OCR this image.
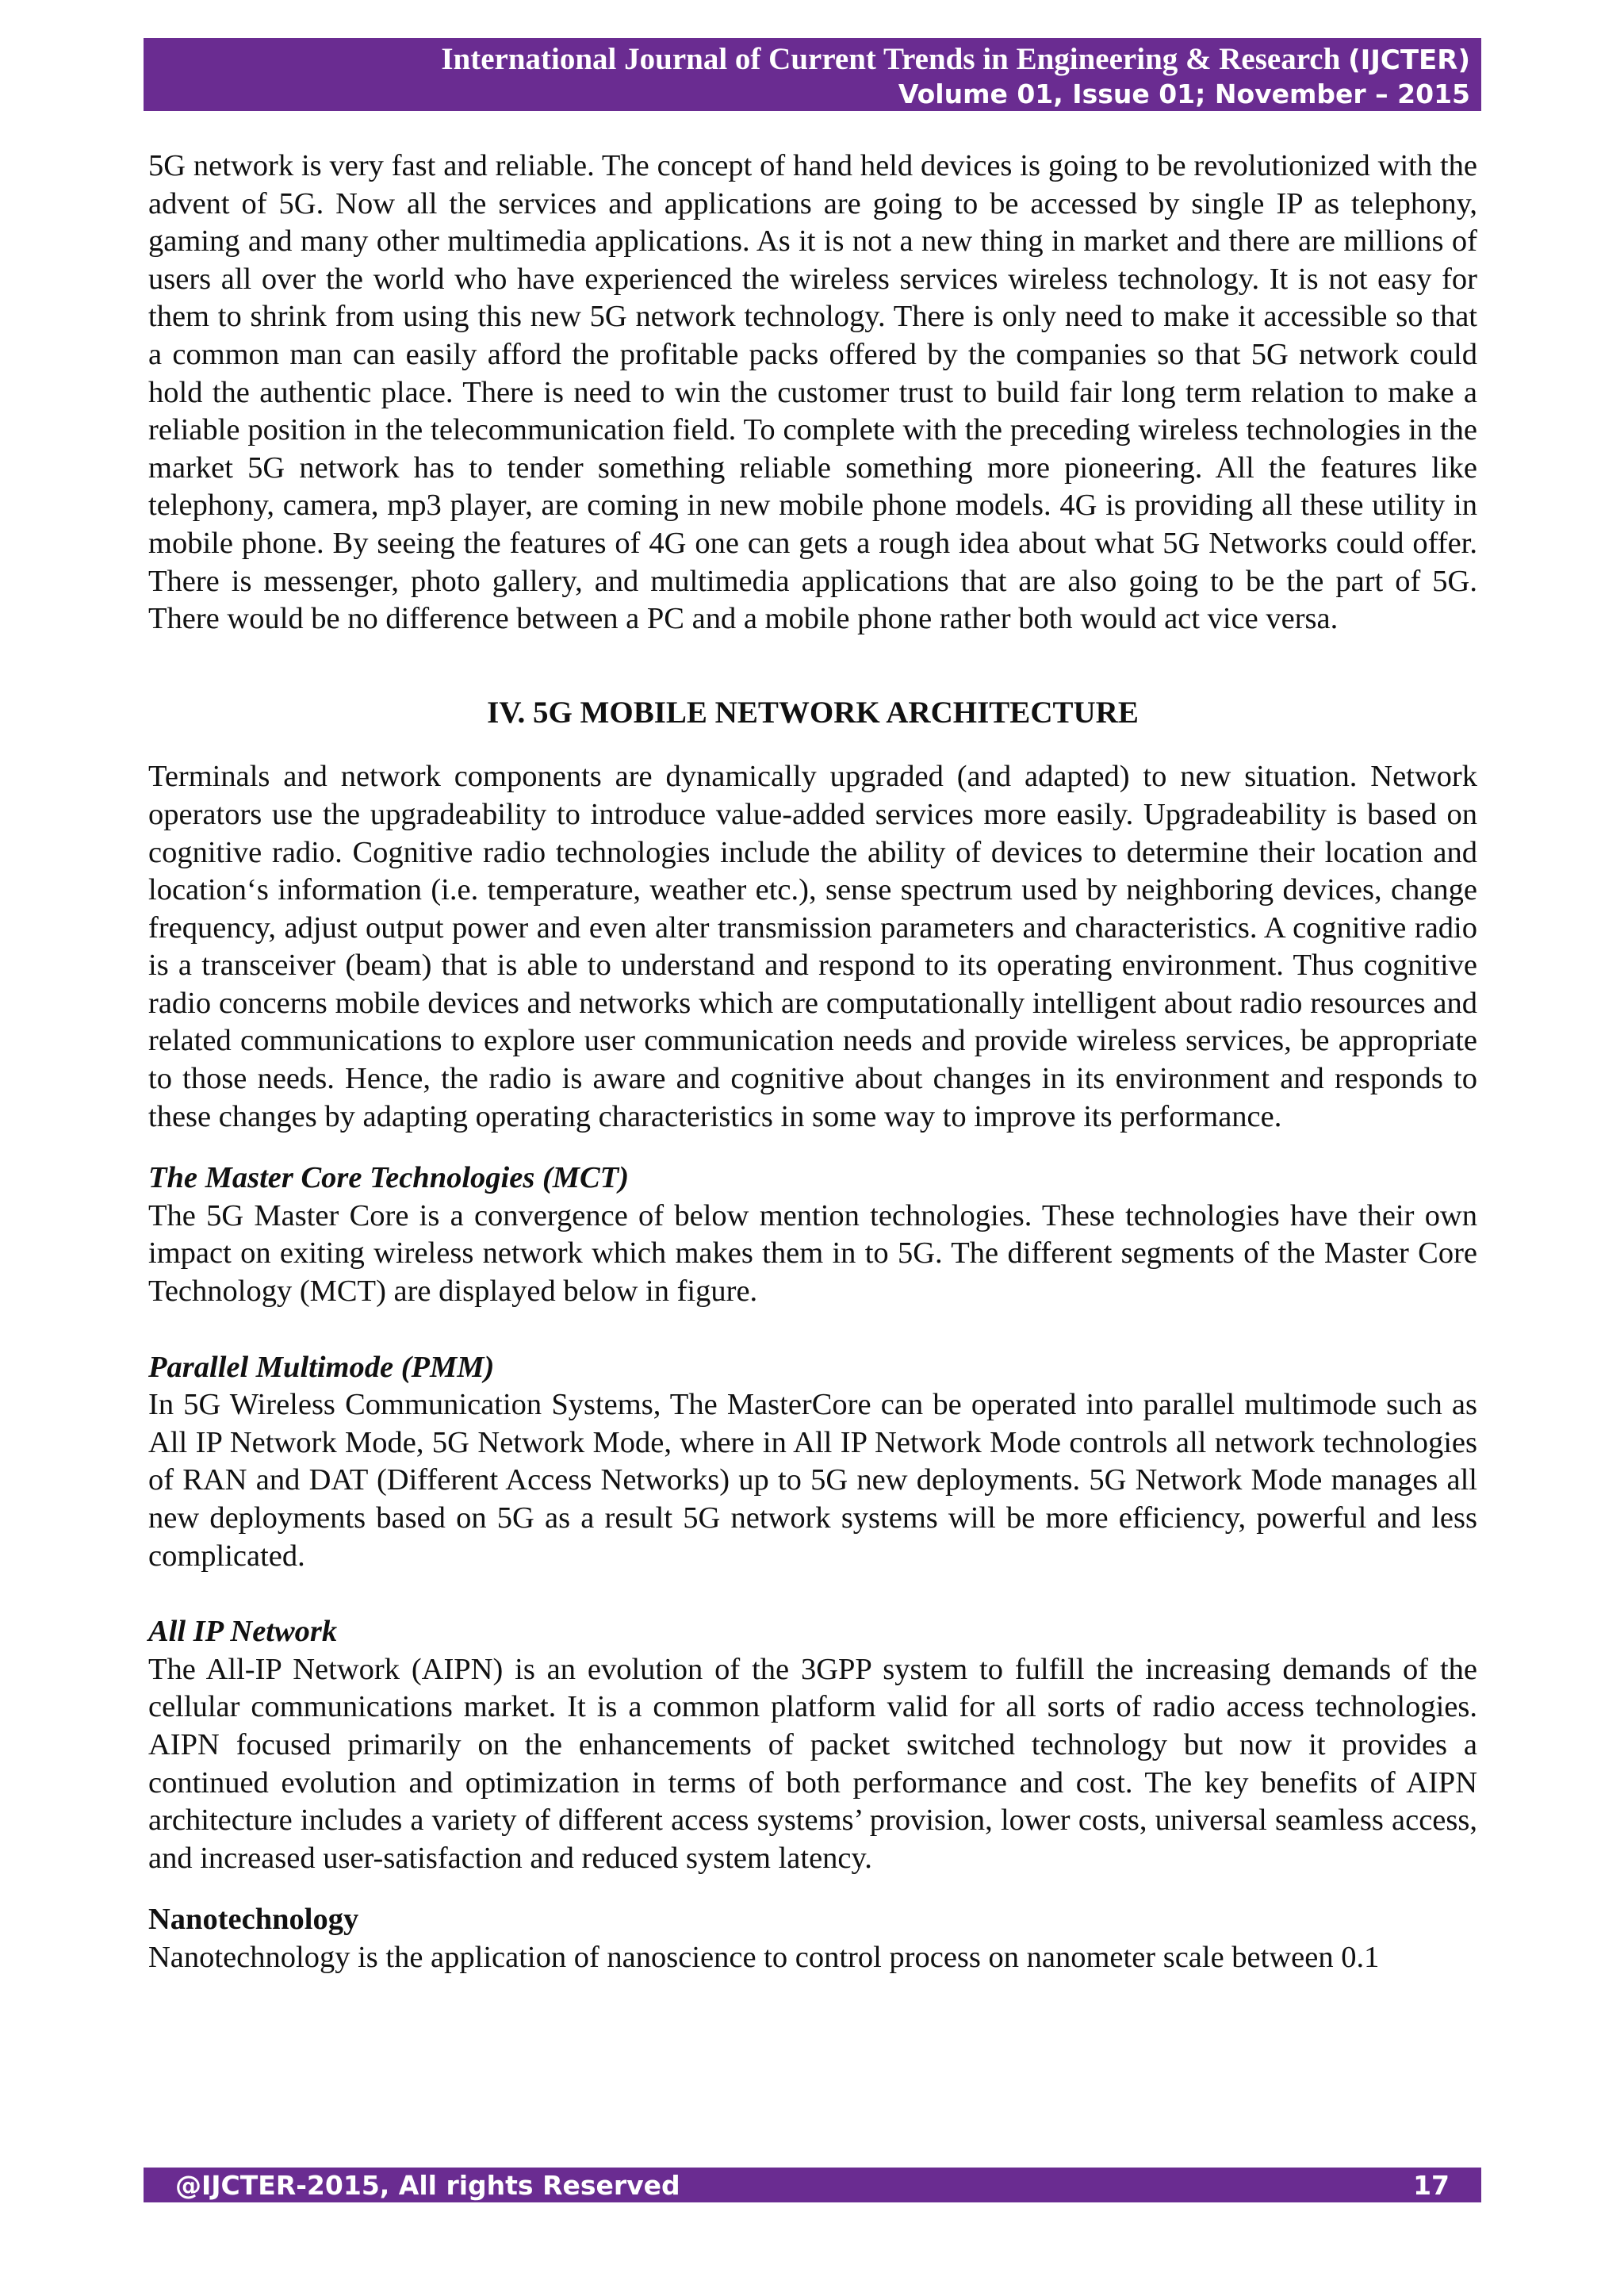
International Journal of Current Trends in Engineering & Research (IJCTER)
Volume 01, Issue 01; November – 2015

5G network is very fast and reliable. The concept of hand held devices is going to be revolutionized with the advent of 5G. Now all the services and applications are going to be accessed by single IP as telephony, gaming and many other multimedia applications. As it is not a new thing in market and there are millions of users all over the world who have experienced the wireless services wireless technology. It is not easy for them to shrink from using this new 5G network technology. There is only need to make it accessible so that a common man can easily afford the profitable packs offered by the companies so that 5G network could hold the authentic place. There is need to win the customer trust to build fair long term relation to make a reliable position in the telecommunication field. To complete with the preceding wireless technologies in the market 5G network has to tender something reliable something more pioneering. All the features like telephony, camera, mp3 player, are coming in new mobile phone models. 4G is providing all these utility in mobile phone. By seeing the features of 4G one can gets a rough idea about what 5G Networks could offer. There is messenger, photo gallery, and multimedia applications that are also going to be the part of 5G. There would be no difference between a PC and a mobile phone rather both would act vice versa.

IV. 5G MOBILE NETWORK ARCHITECTURE

Terminals and network components are dynamically upgraded (and adapted) to new situation. Network operators use the upgradeability to introduce value-added services more easily. Upgradeability is based on cognitive radio. Cognitive radio technologies include the ability of devices to determine their location and location‘s information (i.e. temperature, weather etc.), sense spectrum used by neighboring devices, change frequency, adjust output power and even alter transmission parameters and characteristics. A cognitive radio is a transceiver (beam) that is able to understand and respond to its operating environment. Thus cognitive radio concerns mobile devices and networks which are computationally intelligent about radio resources and related communications to explore user communication needs and provide wireless services, be appropriate to those needs. Hence, the radio is aware and cognitive about changes in its environment and responds to these changes by adapting operating characteristics in some way to improve its performance.

The Master Core Technologies (MCT)

The 5G Master Core is a convergence of below mention technologies. These technologies have their own impact on exiting wireless network which makes them in to 5G. The different segments of the Master Core Technology (MCT) are displayed below in figure.

Parallel Multimode (PMM)

In 5G Wireless Communication Systems, The MasterCore can be operated into parallel multimode such as All IP Network Mode, 5G Network Mode, where in All IP Network Mode controls all network technologies of RAN and DAT (Different Access Networks) up to 5G new deployments. 5G Network Mode manages all new deployments based on 5G as a result 5G network systems will be more efficiency, powerful and less complicated.

All IP Network

The All-IP Network (AIPN) is an evolution of the 3GPP system to fulfill the increasing demands of the cellular communications market. It is a common platform valid for all sorts of radio access technologies. AIPN focused primarily on the enhancements of packet switched technology but now it provides a continued evolution and optimization in terms of both performance and cost. The key benefits of AIPN architecture includes a variety of different access systems’ provision, lower costs, universal seamless access, and increased user-satisfaction and reduced system latency.

Nanotechnology

Nanotechnology is the application of nanoscience to control process on nanometer scale between 0.1

@IJCTER-2015, All rights Reserved	17
